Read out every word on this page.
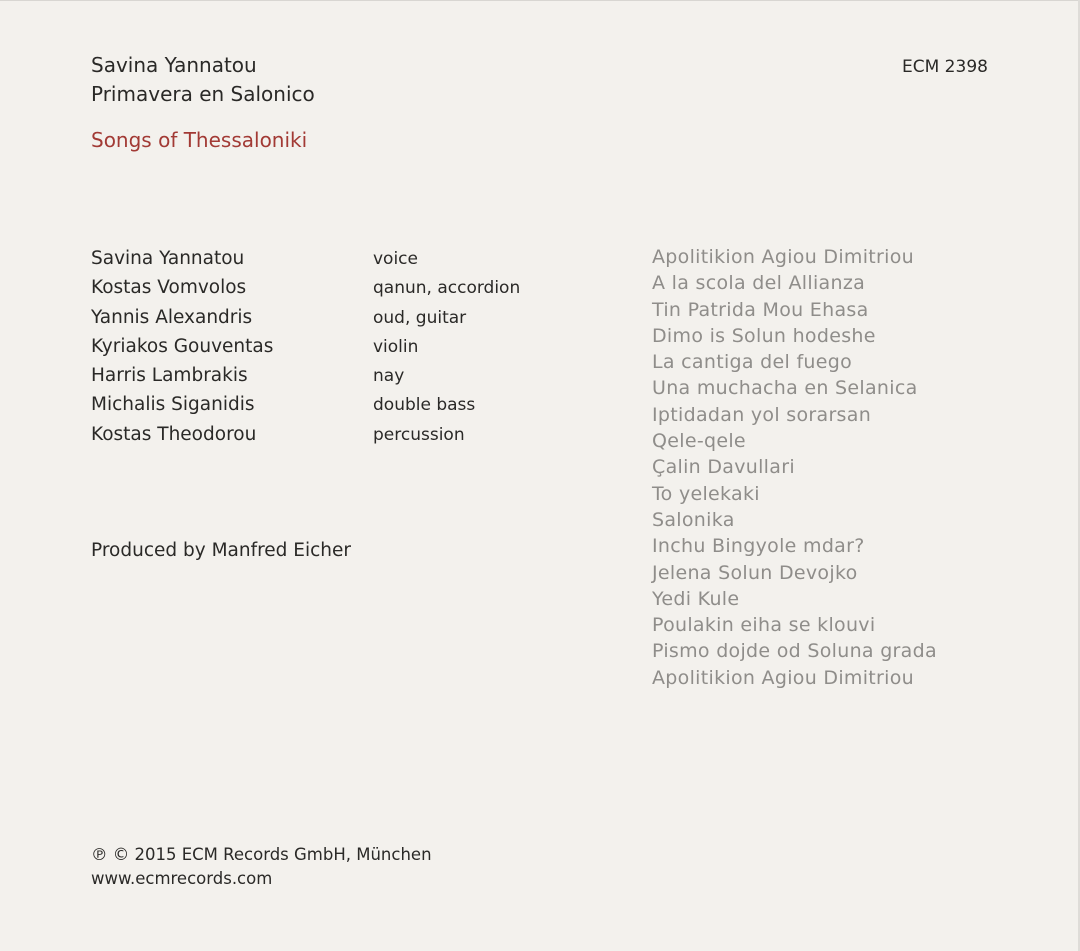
Savina Yannatou
Primavera en Salonico
Songs of Thessaloniki
ECM 2398
Savina Yannatou	voice
Kostas Vomvolos	qanun, accordion
Yannis Alexandris	oud, guitar
Kyriakos Gouventas	violin
Harris Lambrakis	nay
Michalis Siganidis	double bass
Kostas Theodorou	percussion
Produced by Manfred Eicher
Apolitikion Agiou Dimitriou
A la scola del Allianza
Tin Patrida Mou Ehasa
Dimo is Solun hodeshe
La cantiga del fuego
Una muchacha en Selanica
Iptidadan yol sorarsan
Qele-qele
Çalin Davullari
To yelekaki
Salonika
Inchu Bingyole mdar?
Jelena Solun Devojko
Yedi Kule
Poulakin eiha se klouvi
Pismo dojde od Soluna grada
Apolitikion Agiou Dimitriou
℗ © 2015 ECM Records GmbH, München
www.ecmrecords.com
